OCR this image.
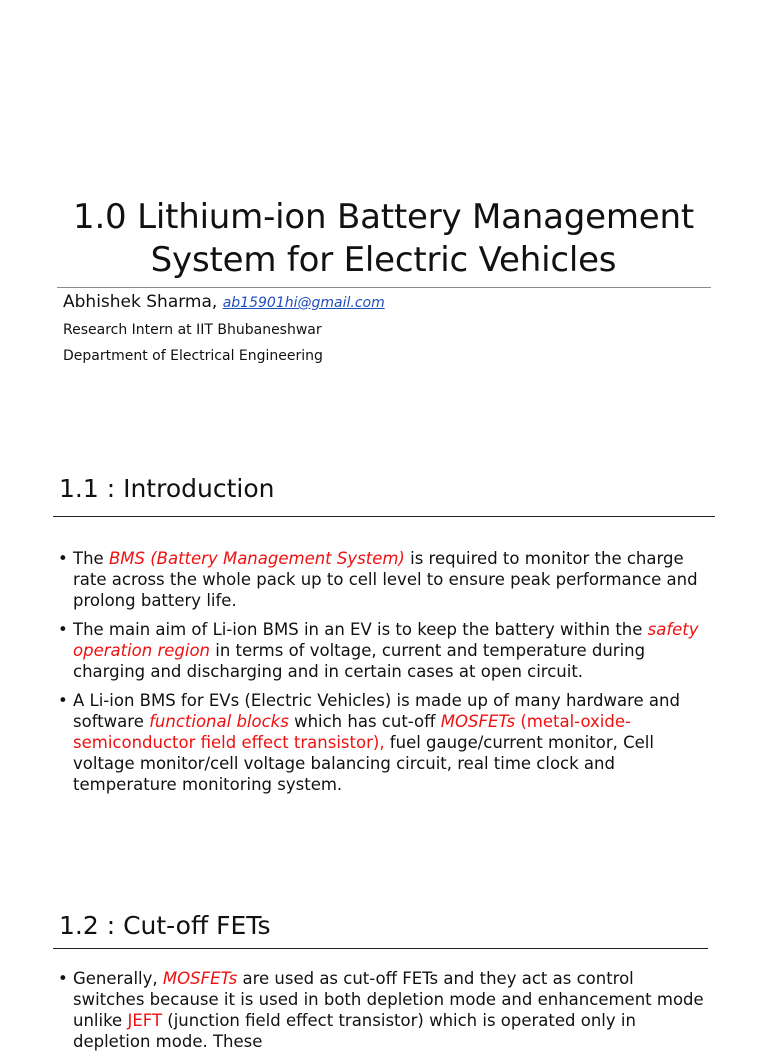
1.0 Lithium-ion Battery Management
System for Electric Vehicles
Abhishek Sharma, ab15901hi@gmail.com
Research Intern at IIT Bhubaneshwar
Department of Electrical Engineering
1.1 : Introduction
• The BMS (Battery Management System) is required to monitor the charge rate across the whole pack up to cell level to ensure peak performance and prolong battery life.
• The main aim of Li-ion BMS in an EV is to keep the battery within the safety operation region in terms of voltage, current and temperature during charging and discharging and in certain cases at open circuit.
• A Li-ion BMS for EVs (Electric Vehicles) is made up of many hardware and software functional blocks which has cut-off MOSFETs (metal-oxide-semiconductor field effect transistor), fuel gauge/current monitor, Cell voltage monitor/cell voltage balancing circuit, real time clock and temperature monitoring system.
1.2 : Cut-off FETs
• Generally, MOSFETs are used as cut-off FETs and they act as control switches because it is used in both depletion mode and enhancement mode unlike JEFT (junction field effect transistor) which is operated only in depletion mode. These
